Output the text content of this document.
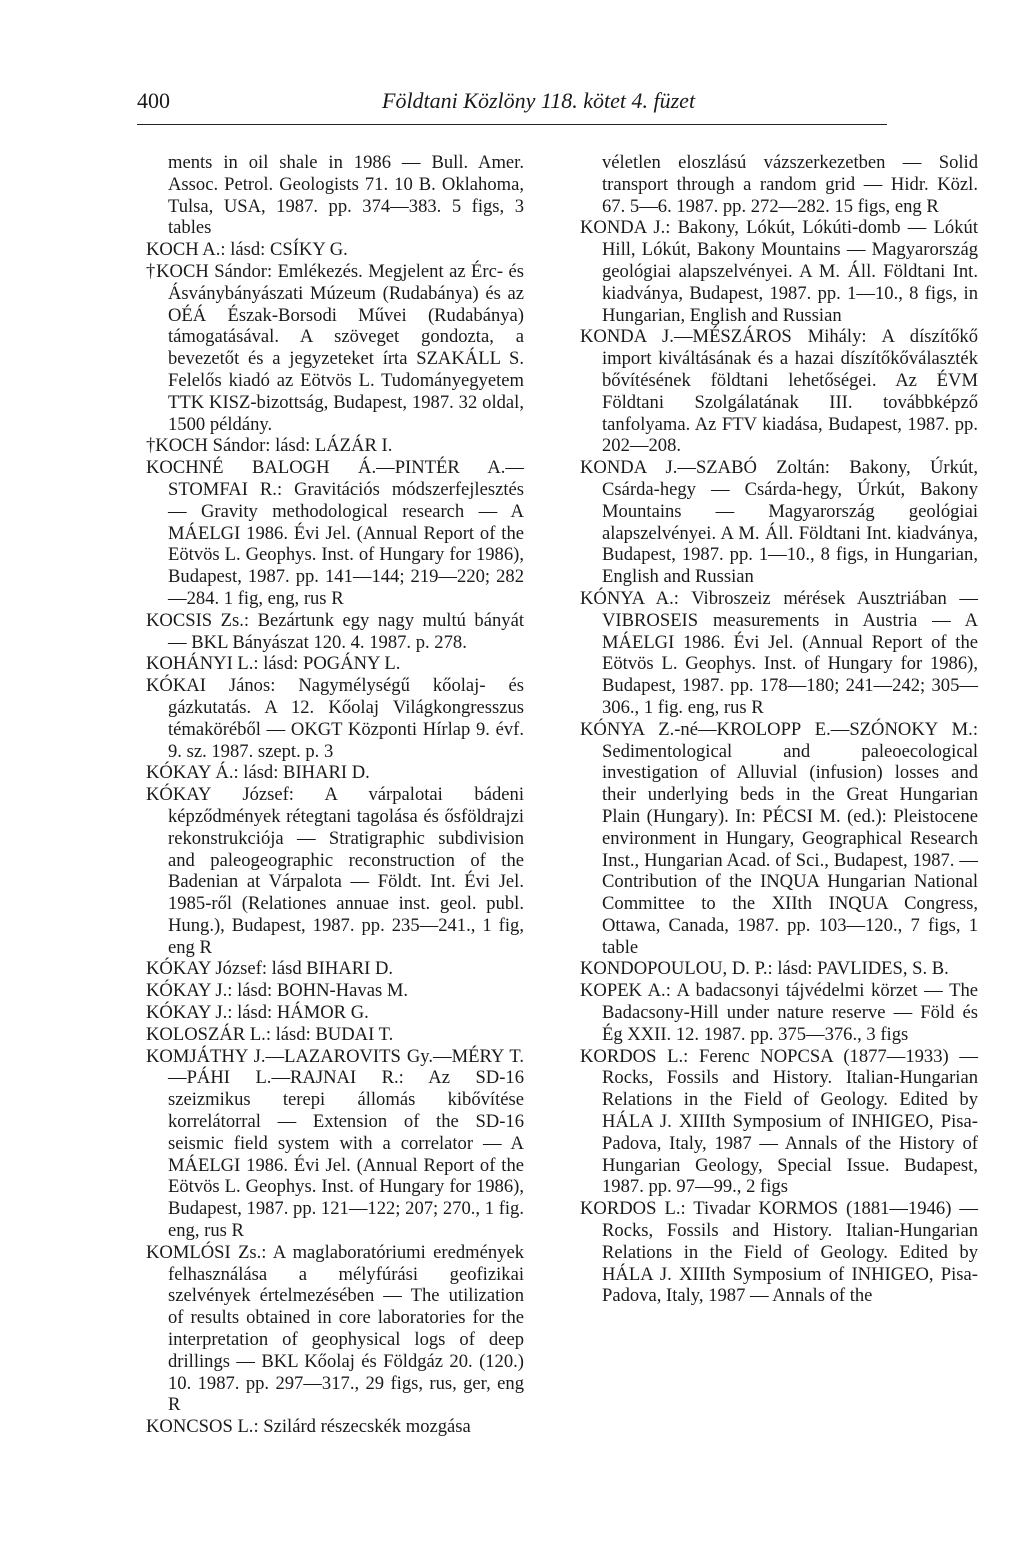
400	Földtani Közlöny 118. kötet 4. füzet

ments in oil shale in 1986 — Bull. Amer. Assoc. Petrol. Geologists 71. 10 B. Oklahoma, Tulsa, USA, 1987. pp. 374—383. 5 figs, 3 tables

KOCH A.: lásd: CSÍKY G.

†KOCH Sándor: Emlékezés. Megjelent az Érc- és Ásványbányászati Múzeum (Rudabánya) és az OÉÁ Észak-Borsodi Művei (Rudabánya) támogatásával. A szöveget gondozta, a bevezetőt és a jegyzeteket írta SZAKÁLL S. Felelős kiadó az Eötvös L. Tudományegyetem TTK KISZ-bizottság, Budapest, 1987. 32 oldal, 1500 példány.

†KOCH Sándor: lásd: LÁZÁR I.

KOCHNÉ BALOGH Á.—PINTÉR A.—STOMFAI R.: Gravitációs módszerfejlesztés — Gravity methodological research — A MÁELGI 1986. Évi Jel. (Annual Report of the Eötvös L. Geophys. Inst. of Hungary for 1986), Budapest, 1987. pp. 141—144; 219—220; 282—284. 1 fig, eng, rus R

KOCSIS Zs.: Bezártunk egy nagy multú bányát — BKL Bányászat 120. 4. 1987. p. 278.

KOHÁNYI L.: lásd: POGÁNY L.

KÓKAI János: Nagymélységű kőolaj- és gázkutatás. A 12. Kőolaj Világkongresszus témaköréből — OKGT Központi Hírlap 9. évf. 9. sz. 1987. szept. p. 3

KÓKAY Á.: lásd: BIHARI D.

KÓKAY József: A várpalotai bádeni képződmények rétegtani tagolása és ősföldrajzi rekonstrukciója — Stratigraphic subdivision and paleogeographic reconstruction of the Badenian at Várpalota — Földt. Int. Évi Jel. 1985-ről (Relationes annuae inst. geol. publ. Hung.), Budapest, 1987. pp. 235—241., 1 fig, eng R

KÓKAY József: lásd BIHARI D.

KÓKAY J.: lásd: BOHN-Havas M.

KÓKAY J.: lásd: HÁMOR G.

KOLOSZÁR L.: lásd: BUDAI T.

KOMJÁTHY J.—LAZAROVITS Gy.—MÉRY T. —PÁHI L.—RAJNAI R.: Az SD-16 szeizmikus terepi állomás kibővítése korrelátorral — Extension of the SD-16 seismic field system with a correlator — A MÁELGI 1986. Évi Jel. (Annual Report of the Eötvös L. Geophys. Inst. of Hungary for 1986), Budapest, 1987. pp. 121—122; 207; 270., 1 fig. eng, rus R

KOMLÓSI Zs.: A maglaboratóriumi eredmények felhasználása a mélyfúrási geofizikai szelvények értelmezésében — The utilization of results obtained in core laboratories for the interpretation of geophysical logs of deep drillings — BKL Kőolaj és Földgáz 20. (120.) 10. 1987. pp. 297—317., 29 figs, rus, ger, eng R

KONCSOS L.: Szilárd részecskék mozgása

véletlen eloszlású vázszerkezetben — Solid transport through a random grid — Hidr. Közl. 67. 5—6. 1987. pp. 272—282. 15 figs, eng R

KONDA J.: Bakony, Lókút, Lókúti-domb — Lókút Hill, Lókút, Bakony Mountains — Magyarország geológiai alapszelvényei. A M. Áll. Földtani Int. kiadványa, Budapest, 1987. pp. 1—10., 8 figs, in Hungarian, English and Russian

KONDA J.—MÉSZÁROS Mihály: A díszítőkő import kiváltásának és a hazai díszítőkőválaszték bővítésének földtani lehetőségei. Az ÉVM Földtani Szolgálatának III. továbbképző tanfolyama. Az FTV kiadása, Budapest, 1987. pp. 202—208.

KONDA J.—SZABÓ Zoltán: Bakony, Úrkút, Csárda-hegy — Csárda-hegy, Úrkút, Bakony Mountains — Magyarország geológiai alapszelvényei. A M. Áll. Földtani Int. kiadványa, Budapest, 1987. pp. 1—10., 8 figs, in Hungarian, English and Russian

KÓNYA A.: Vibroszeiz mérések Ausztriában — VIBROSEIS measurements in Austria — A MÁELGI 1986. Évi Jel. (Annual Report of the Eötvös L. Geophys. Inst. of Hungary for 1986), Budapest, 1987. pp. 178—180; 241—242; 305—306., 1 fig. eng, rus R

KÓNYA Z.-né—KROLOPP E.—SZÓNOKY M.: Sedimentological and paleoecological investigation of Alluvial (infusion) losses and their underlying beds in the Great Hungarian Plain (Hungary). In: PÉCSI M. (ed.): Pleistocene environment in Hungary, Geographical Research Inst., Hungarian Acad. of Sci., Budapest, 1987. — Contribution of the INQUA Hungarian National Committee to the XIIth INQUA Congress, Ottawa, Canada, 1987. pp. 103—120., 7 figs, 1 table

KONDOPOULOU, D. P.: lásd: PAVLIDES, S. B.

KOPEK A.: A badacsonyi tájvédelmi körzet — The Badacsony-Hill under nature reserve — Föld és Ég XXII. 12. 1987. pp. 375—376., 3 figs

KORDOS L.: Ferenc NOPCSA (1877—1933) — Rocks, Fossils and History. Italian-Hungarian Relations in the Field of Geology. Edited by HÁLA J. XIIIth Symposium of INHIGEO, Pisa-Padova, Italy, 1987 — Annals of the History of Hungarian Geology, Special Issue. Budapest, 1987. pp. 97—99., 2 figs

KORDOS L.: Tivadar KORMOS (1881—1946) — Rocks, Fossils and History. Italian-Hungarian Relations in the Field of Geology. Edited by HÁLA J. XIIIth Symposium of INHIGEO, Pisa-Padova, Italy, 1987 — Annals of the
